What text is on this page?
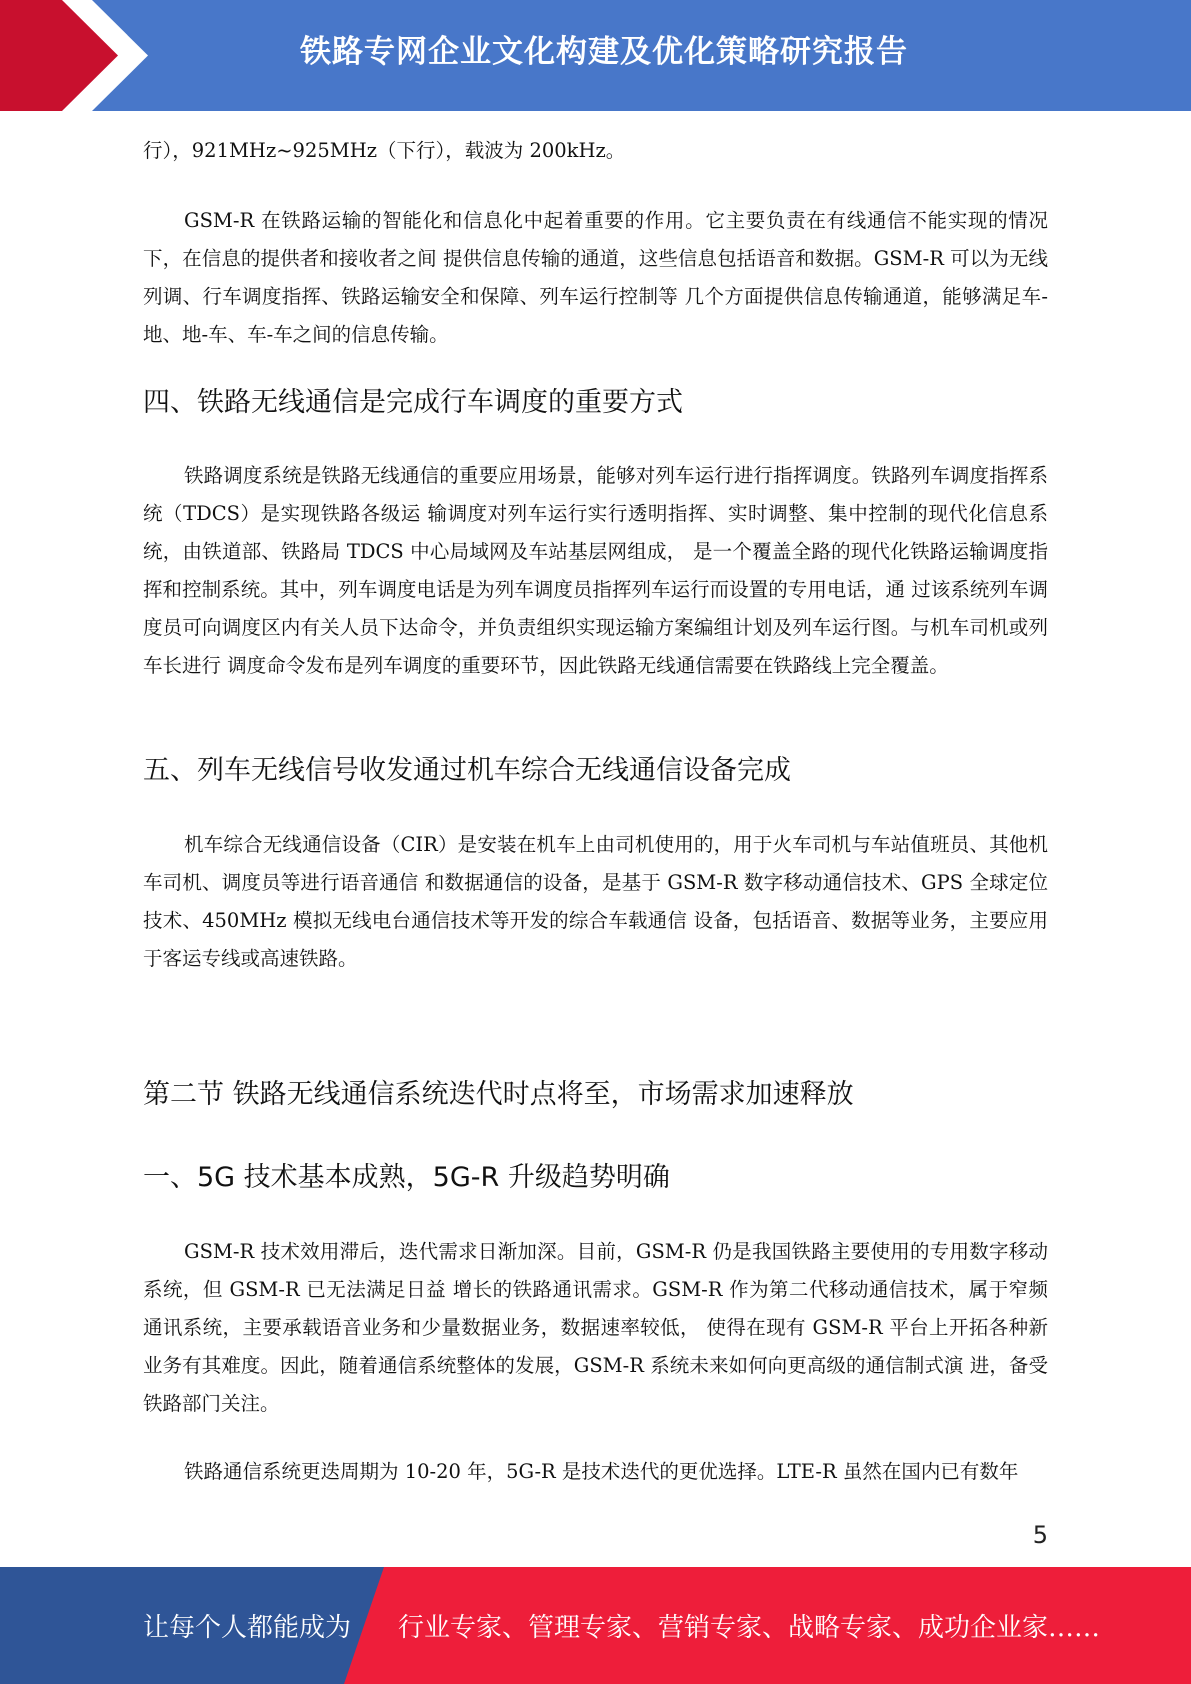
铁路专网企业文化构建及优化策略研究报告

行），921MHz~925MHz（下行），载波为 200kHz。

GSM-R 在铁路运输的智能化和信息化中起着重要的作用。它主要负责在有线通信不能实现的情况下，在信息的提供者和接收者之间 提供信息传输的通道，这些信息包括语音和数据。GSM-R 可以为无线列调、行车调度指挥、铁路运输安全和保障、列车运行控制等 几个方面提供信息传输通道，能够满足车-地、地-车、车-车之间的信息传输。

四、铁路无线通信是完成行车调度的重要方式

铁路调度系统是铁路无线通信的重要应用场景，能够对列车运行进行指挥调度。铁路列车调度指挥系统（TDCS）是实现铁路各级运 输调度对列车运行实行透明指挥、实时调整、集中控制的现代化信息系统，由铁道部、铁路局 TDCS 中心局域网及车站基层网组成， 是一个覆盖全路的现代化铁路运输调度指挥和控制系统。其中，列车调度电话是为列车调度员指挥列车运行而设置的专用电话，通 过该系统列车调度员可向调度区内有关人员下达命令，并负责组织实现运输方案编组计划及列车运行图。与机车司机或列车长进行 调度命令发布是列车调度的重要环节，因此铁路无线通信需要在铁路线上完全覆盖。

五、列车无线信号收发通过机车综合无线通信设备完成

机车综合无线通信设备（CIR）是安装在机车上由司机使用的，用于火车司机与车站值班员、其他机车司机、调度员等进行语音通信 和数据通信的设备，是基于 GSM-R 数字移动通信技术、GPS 全球定位技术、450MHz 模拟无线电台通信技术等开发的综合车载通信 设备，包括语音、数据等业务，主要应用于客运专线或高速铁路。

第二节 铁路无线通信系统迭代时点将至，市场需求加速释放
一、5G 技术基本成熟，5G-R 升级趋势明确

GSM-R 技术效用滞后，迭代需求日渐加深。目前，GSM-R 仍是我国铁路主要使用的专用数字移动系统，但 GSM-R 已无法满足日益 增长的铁路通讯需求。GSM-R 作为第二代移动通信技术，属于窄频通讯系统，主要承载语音业务和少量数据业务，数据速率较低， 使得在现有 GSM-R 平台上开拓各种新业务有其难度。因此，随着通信系统整体的发展，GSM-R 系统未来如何向更高级的通信制式演 进，备受铁路部门关注。

铁路通信系统更迭周期为 10-20 年，5G-R 是技术迭代的更优选择。LTE-R 虽然在国内已有数年

5
让每个人都能成为 行业专家、管理专家、营销专家、战略专家、成功企业家……
